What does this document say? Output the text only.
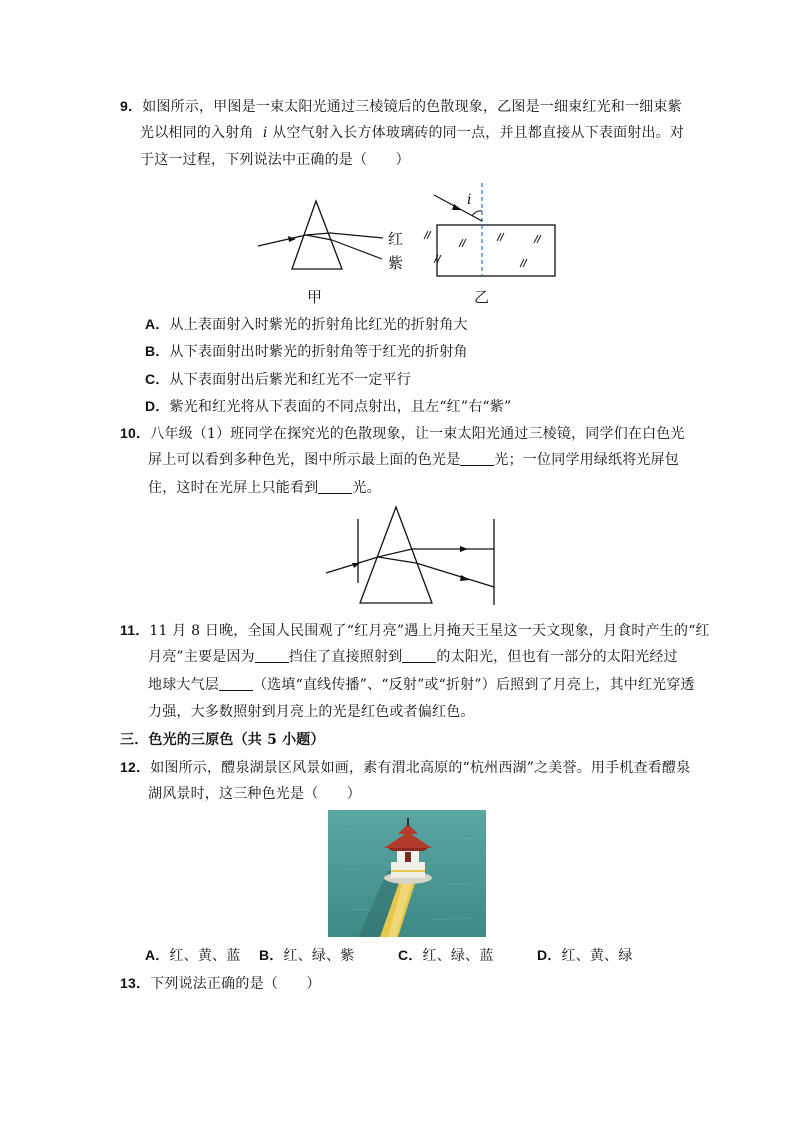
9．如图所示，甲图是一束太阳光通过三棱镜后的色散现象，乙图是一细束红光和一细束紫
光以相同的入射角 i 从空气射入长方体玻璃砖的同一点，并且都直接从下表面射出。对
于这一过程，下列说法中正确的是（　　）
红
紫
i
甲	乙
A．从上表面射入时紫光的折射角比红光的折射角大
B．从下表面射出时紫光的折射角等于红光的折射角
C．从下表面射出后紫光和红光不一定平行
D．紫光和红光将从下表面的不同点射出，且左“红”右“紫”
10．八年级（1）班同学在探究光的色散现象，让一束太阳光通过三棱镜，同学们在白色光
屏上可以看到多种色光，图中所示最上面的色光是 光；一位同学用绿纸将光屏包
住，这时在光屏上只能看到 光。
11．11 月 8 日晚，全国人民围观了“红月亮”遇上月掩天王星这一天文现象，月食时产生的“红
月亮”主要是因为 挡住了直接照射到 的太阳光，但也有一部分的太阳光经过
地球大气层 （选填“直线传播”、“反射”或“折射”）后照到了月亮上，其中红光穿透
力强，大多数照射到月亮上的光是红色或者偏红色。
三．色光的三原色（共 5 小题）
12．如图所示，醴泉湖景区风景如画，素有渭北高原的“杭州西湖”之美誉。用手机查看醴泉
湖风景时，这三种色光是（　　）
A．红、黄、蓝 B．红、绿、紫	C．红、绿、蓝	D．红、黄、绿
13．下列说法正确的是（　　）
